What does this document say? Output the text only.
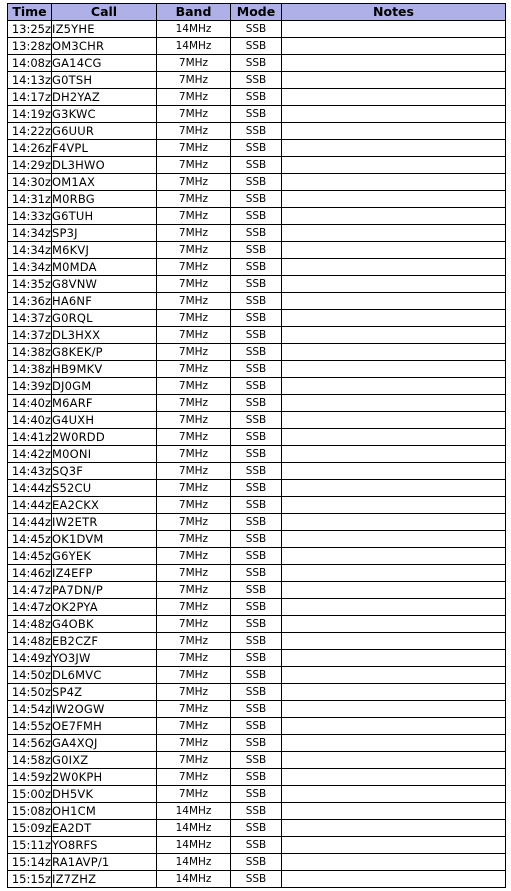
Time	Call	Band	Mode	Notes
13:25z	IZ5YHE	14MHz	SSB	
13:28z	OM3CHR	14MHz	SSB	
14:08z	GA14CG	7MHz	SSB	
14:13z	G0TSH	7MHz	SSB	
14:17z	DH2YAZ	7MHz	SSB	
14:19z	G3KWC	7MHz	SSB	
14:22z	G6UUR	7MHz	SSB	
14:26z	F4VPL	7MHz	SSB	
14:29z	DL3HWO	7MHz	SSB	
14:30z	OM1AX	7MHz	SSB	
14:31z	M0RBG	7MHz	SSB	
14:33z	G6TUH	7MHz	SSB	
14:34z	SP3J	7MHz	SSB	
14:34z	M6KVJ	7MHz	SSB	
14:34z	M0MDA	7MHz	SSB	
14:35z	G8VNW	7MHz	SSB	
14:36z	HA6NF	7MHz	SSB	
14:37z	G0RQL	7MHz	SSB	
14:37z	DL3HXX	7MHz	SSB	
14:38z	G8KEK/P	7MHz	SSB	
14:38z	HB9MKV	7MHz	SSB	
14:39z	DJ0GM	7MHz	SSB	
14:40z	M6ARF	7MHz	SSB	
14:40z	G4UXH	7MHz	SSB	
14:41z	2W0RDD	7MHz	SSB	
14:42z	M0ONI	7MHz	SSB	
14:43z	SQ3F	7MHz	SSB	
14:44z	S52CU	7MHz	SSB	
14:44z	EA2CKX	7MHz	SSB	
14:44z	IW2ETR	7MHz	SSB	
14:45z	OK1DVM	7MHz	SSB	
14:45z	G6YEK	7MHz	SSB	
14:46z	IZ4EFP	7MHz	SSB	
14:47z	PA7DN/P	7MHz	SSB	
14:47z	OK2PYA	7MHz	SSB	
14:48z	G4OBK	7MHz	SSB	
14:48z	EB2CZF	7MHz	SSB	
14:49z	YO3JW	7MHz	SSB	
14:50z	DL6MVC	7MHz	SSB	
14:50z	SP4Z	7MHz	SSB	
14:54z	IW2OGW	7MHz	SSB	
14:55z	OE7FMH	7MHz	SSB	
14:56z	GA4XQJ	7MHz	SSB	
14:58z	G0IXZ	7MHz	SSB	
14:59z	2W0KPH	7MHz	SSB	
15:00z	DH5VK	7MHz	SSB	
15:08z	OH1CM	14MHz	SSB	
15:09z	EA2DT	14MHz	SSB	
15:11z	YO8RFS	14MHz	SSB	
15:14z	RA1AVP/1	14MHz	SSB	
15:15z	IZ7ZHZ	14MHz	SSB	
